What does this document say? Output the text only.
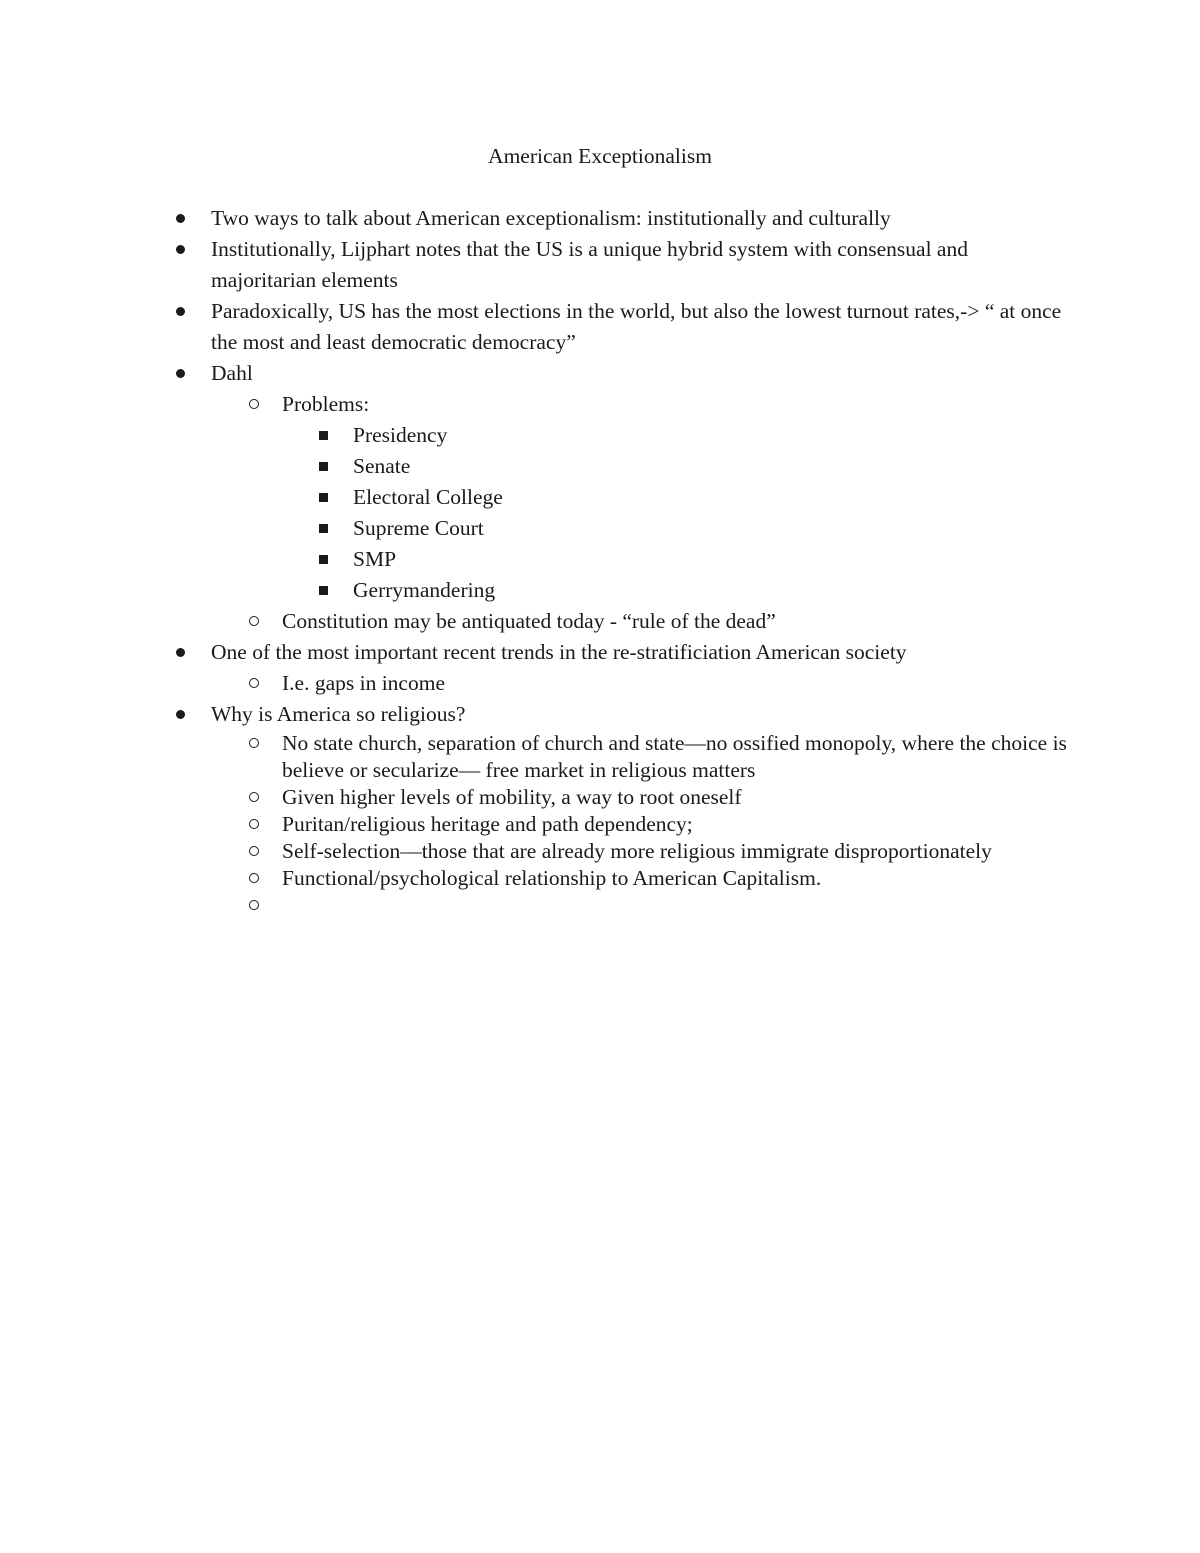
American Exceptionalism
Two ways to talk about American exceptionalism: institutionally and culturally
Institutionally, Lijphart notes that the US is a unique hybrid system with consensual and majoritarian elements
Paradoxically, US has the most elections in the world, but also the lowest turnout rates,-> “ at once the most and least democratic democracy”
Dahl
Problems:
Presidency
Senate
Electoral College
Supreme Court
SMP
Gerrymandering
Constitution may be antiquated today - “rule of the dead”
One of the most important recent trends in the re-stratificiation American society
I.e. gaps in income
Why is America so religious?
No state church, separation of church and state—no ossified monopoly, where the choice is believe or secularize— free market in religious matters
Given higher levels of mobility, a way to root oneself
Puritan/religious heritage and path dependency;
Self-selection—those that are already more religious immigrate disproportionately
Functional/psychological relationship to American Capitalism.
